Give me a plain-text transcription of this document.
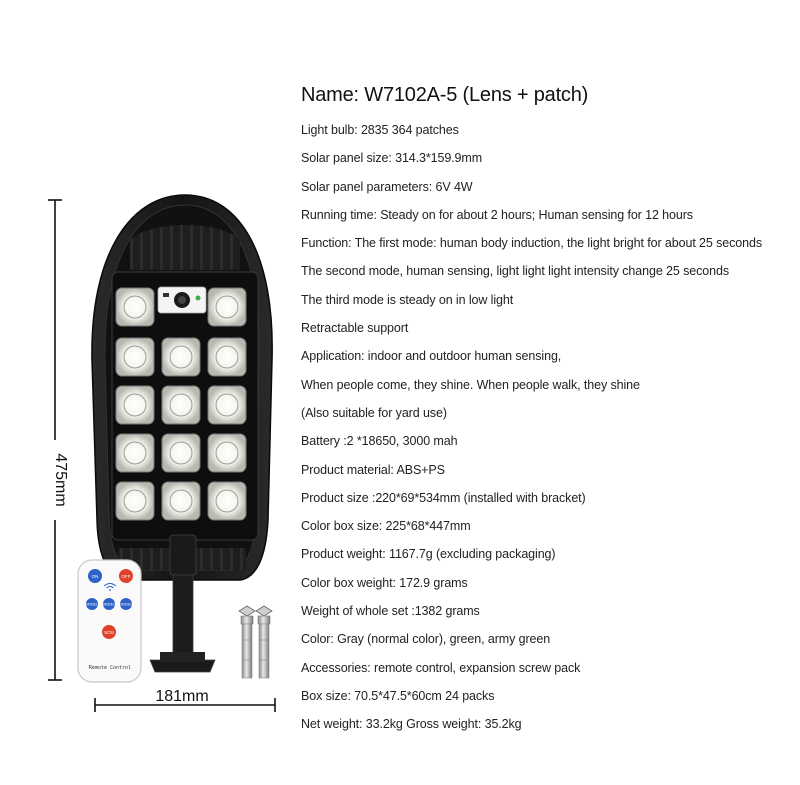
475mm
181mm
ON	OFF
MODE1 MODE2 MODE3
SOS
Remote Control
Name: W7102A-5 (Lens + patch)
Light bulb: 2835 364 patches
Solar panel size: 314.3*159.9mm
Solar panel parameters: 6V 4W
Running time: Steady on for about 2 hours; Human sensing for 12 hours
Function: The first mode: human body induction, the light bright for about 25 seconds
The second mode, human sensing, light light light intensity change 25 seconds
The third mode is steady on in low light
Retractable support
Application: indoor and outdoor human sensing,
When people come, they shine. When people walk, they shine
(Also suitable for yard use)
Battery :2 *18650, 3000 mah
Product material: ABS+PS
Product size :220*69*534mm (installed with bracket)
Color box size: 225*68*447mm
Product weight: 1167.7g (excluding packaging)
Color box weight: 172.9 grams
Weight of whole set :1382 grams
Color: Gray (normal color), green, army green
Accessories: remote control, expansion screw pack
Box size: 70.5*47.5*60cm 24 packs
Net weight: 33.2kg Gross weight: 35.2kg
